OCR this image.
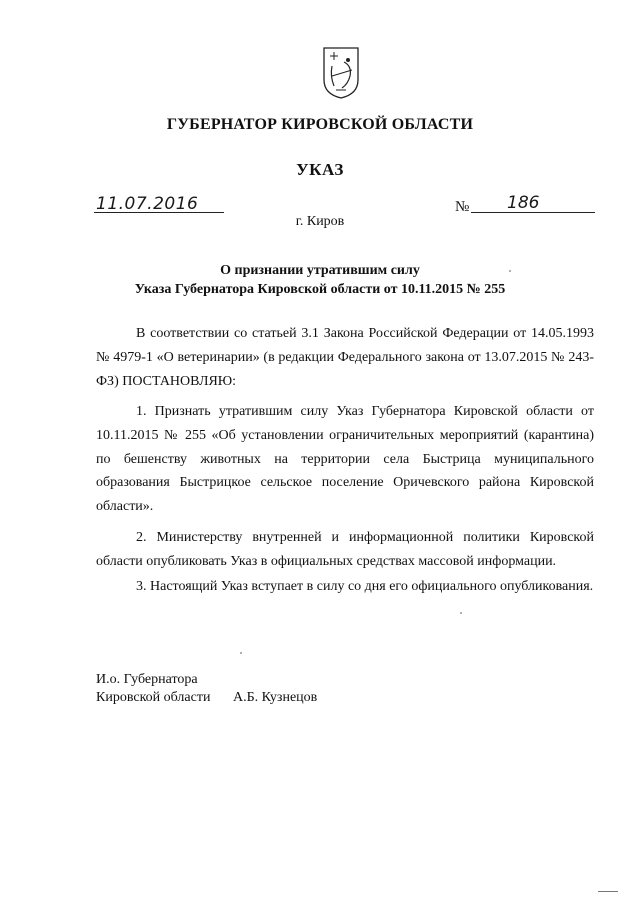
ГУБЕРНАТОР КИРОВСКОЙ ОБЛАСТИ
УКАЗ
11.07.2016	№ 186
г. Киров
О признании утратившим силу
Указа Губернатора Кировской области от 10.11.2015 № 255
В соответствии со статьей 3.1 Закона Российской Федерации от 14.05.1993 № 4979-1 «О ветеринарии» (в редакции Федерального закона от 13.07.2015 № 243-ФЗ) ПОСТАНОВЛЯЮ:
1. Признать утратившим силу Указ Губернатора Кировской области от 10.11.2015 № 255 «Об установлении ограничительных мероприятий (карантина) по бешенству животных на территории села Быстрица муниципального образования Быстрицкое сельское поселение Оричевского района Кировской области».
2. Министерству внутренней и информационной политики Кировской области опубликовать Указ в официальных средствах массовой информации.
3. Настоящий Указ вступает в силу со дня его официального опубликования.
И.о. Губернатора
Кировской области А.Б. Кузнецов
